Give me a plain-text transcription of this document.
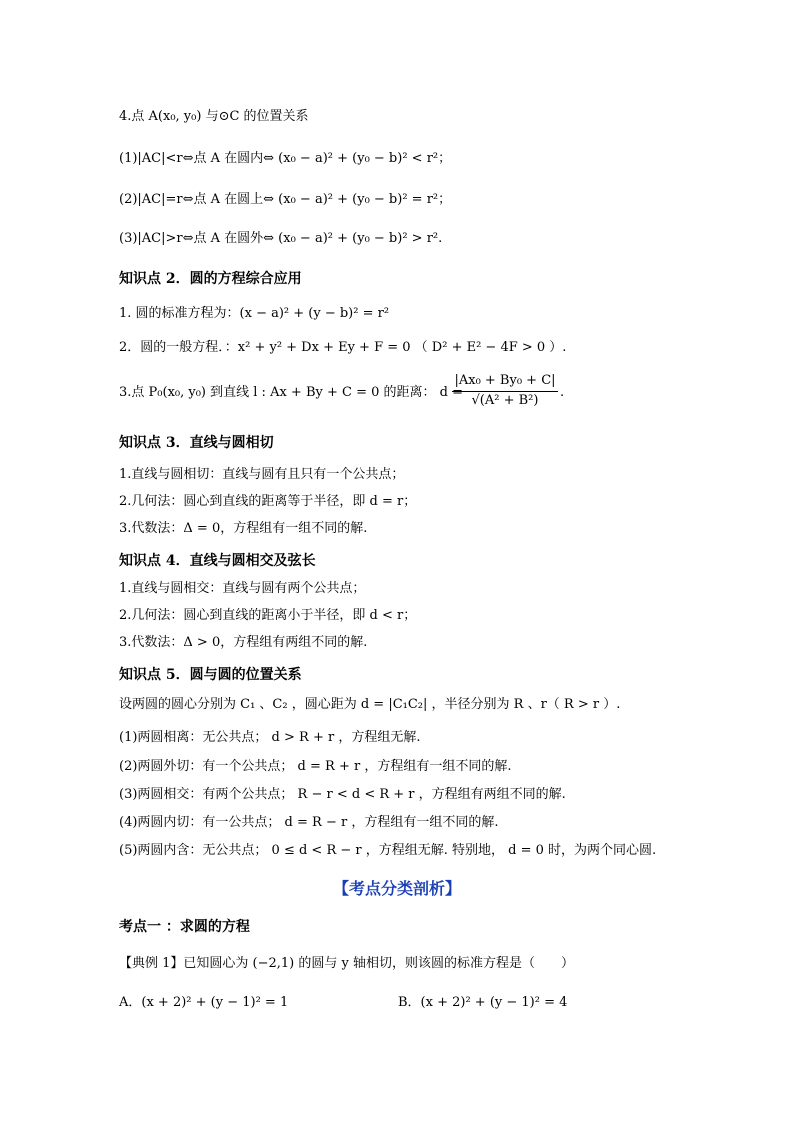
4.点 A(x₀, y₀) 与⊙C 的位置关系
(1)|AC|<r⇔点 A 在圆内⇔ (x₀ − a)² + (y₀ − b)² < r²；
(2)|AC|=r⇔点 A 在圆上⇔ (x₀ − a)² + (y₀ − b)² = r²；
(3)|AC|>r⇔点 A 在圆外⇔ (x₀ − a)² + (y₀ − b)² > r².
知识点 2．圆的方程综合应用
1. 圆的标准方程为：(x − a)² + (y − b)² = r²
2．圆的一般方程．：x² + y² + Dx + Ey + F = 0 （ D² + E² − 4F > 0 ）.
3.点 P₀(x₀, y₀) 到直线 l : Ax + By + C = 0 的距离： d =
$\frac{\text{|Ax₀ + By₀ + C|}}{\text{√(A² + B²)}}$ .
知识点 3．直线与圆相切
1.直线与圆相切：直线与圆有且只有一个公共点；
2.几何法：圆心到直线的距离等于半径，即 d = r；
3.代数法：Δ = 0，方程组有一组不同的解.
知识点 4．直线与圆相交及弦长
1.直线与圆相交：直线与圆有两个公共点；
2.几何法：圆心到直线的距离小于半径，即 d < r；
3.代数法：Δ > 0，方程组有两组不同的解.
知识点 5．圆与圆的位置关系
设两圆的圆心分别为 C₁ 、C₂ ，圆心距为 d = |C₁C₂| ，半径分别为 R 、r（ R > r ）.
(1)两圆相离：无公共点； d > R + r ，方程组无解.
(2)两圆外切：有一个公共点； d = R + r ，方程组有一组不同的解.
(3)两圆相交：有两个公共点； R − r < d < R + r ，方程组有两组不同的解.
(4)两圆内切：有一公共点； d = R − r ，方程组有一组不同的解.
(5)两圆内含：无公共点； 0 ≤ d < R − r ，方程组无解. 特别地， d = 0 时，为两个同心圆.
【考点分类剖析】
考点一 ：求圆的方程
【典例 1】已知圆心为 (−2,1) 的圆与 y 轴相切，则该圆的标准方程是（　　）
A．(x + 2)² + (y − 1)² = 1	B．(x + 2)² + (y − 1)² = 4
